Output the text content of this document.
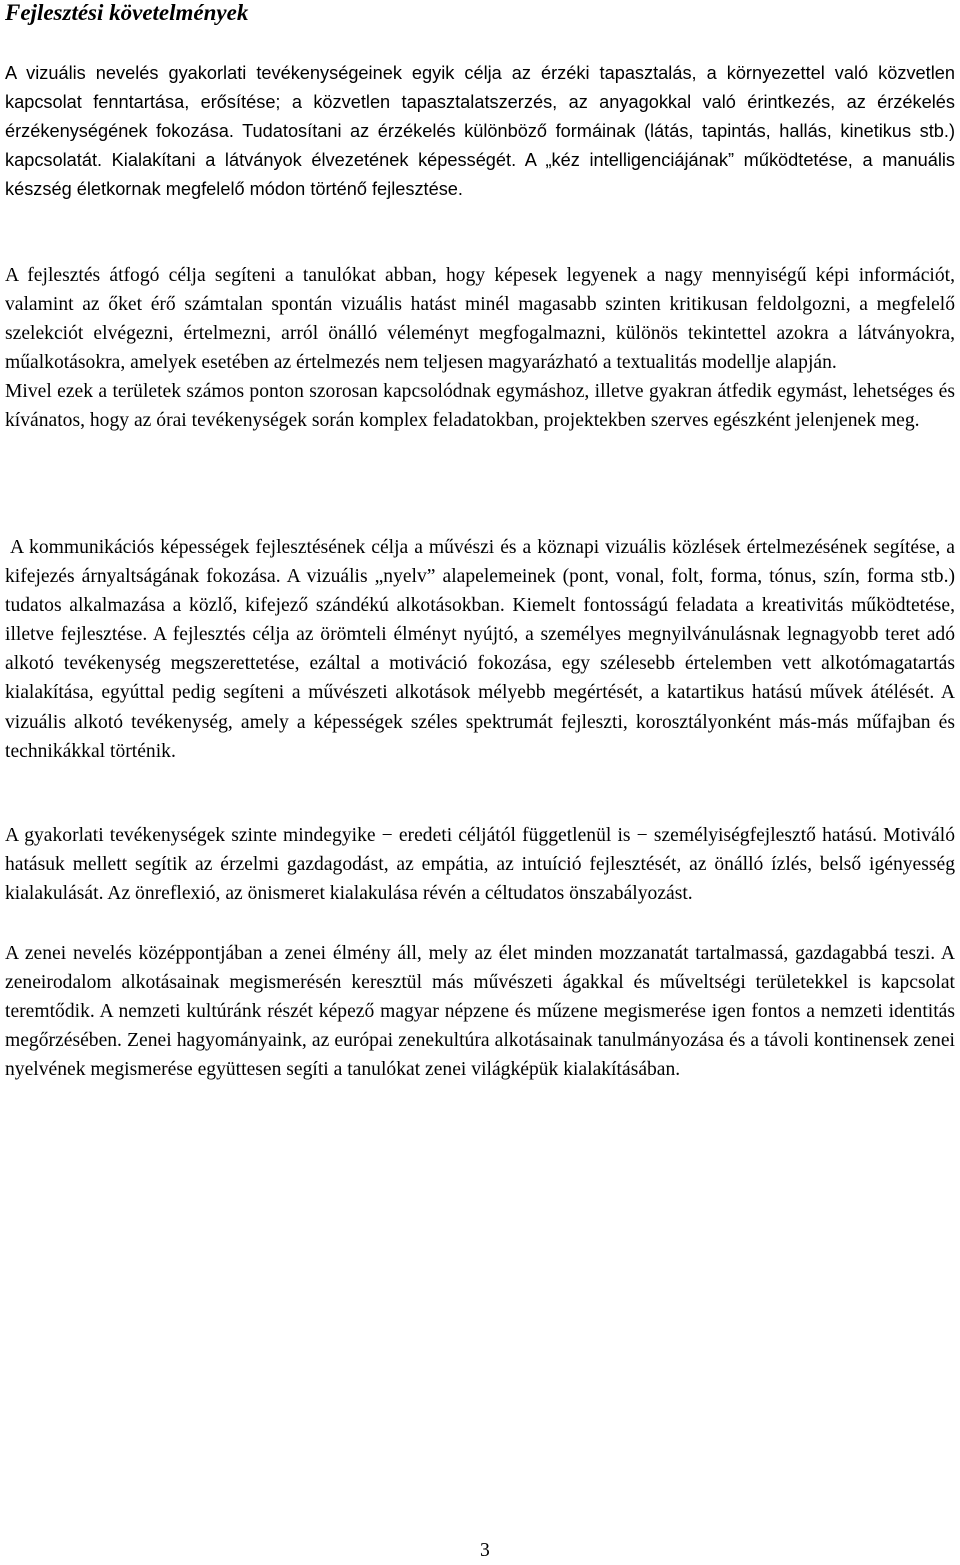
Fejlesztési követelmények

A vizuális nevelés gyakorlati tevékenységeinek egyik célja az érzéki tapasztalás, a környezettel való közvetlen kapcsolat fenntartása, erősítése; a közvetlen tapasztalatszerzés, az anyagokkal való érintkezés, az érzékelés érzékenységének fokozása. Tudatosítani az érzékelés különböző formáinak (látás, tapintás, hallás, kinetikus stb.) kapcsolatát. Kialakítani a látványok élvezetének képességét. A „kéz intelligenciájának” működtetése, a manuális készség életkornak megfelelő módon történő fejlesztése.

A fejlesztés átfogó célja segíteni a tanulókat abban, hogy képesek legyenek a nagy mennyiségű képi információt, valamint az őket érő számtalan spontán vizuális hatást minél magasabb szinten kritikusan feldolgozni, a megfelelő szelekciót elvégezni, értelmezni, arról önálló véleményt megfogalmazni, különös tekintettel azokra a látványokra, műalkotásokra, amelyek esetében az értelmezés nem teljesen magyarázható a textualitás modellje alapján.

Mivel ezek a területek számos ponton szorosan kapcsolódnak egymáshoz, illetve gyakran átfedik egymást, lehetséges és kívánatos, hogy az órai tevékenységek során komplex feladatokban, projektekben szerves egészként jelenjenek meg.

A kommunikációs képességek fejlesztésének célja a művészi és a köznapi vizuális közlések értelmezésének segítése, a kifejezés árnyaltságának fokozása. A vizuális „nyelv” alapelemeinek (pont, vonal, folt, forma, tónus, szín, forma stb.) tudatos alkalmazása a közlő, kifejező szándékú alkotásokban. Kiemelt fontosságú feladata a kreativitás működtetése, illetve fejlesztése. A fejlesztés célja az örömteli élményt nyújtó, a személyes megnyilvánulásnak legnagyobb teret adó alkotó tevékenység megszerettetése, ezáltal a motiváció fokozása, egy szélesebb értelemben vett alkotómagatartás kialakítása, egyúttal pedig segíteni a művészeti alkotások mélyebb megértését, a katartikus hatású művek átélését. A vizuális alkotó tevékenység, amely a képességek széles spektrumát fejleszti, korosztályonként más-más műfajban és technikákkal történik.

A gyakorlati tevékenységek szinte mindegyike − eredeti céljától függetlenül is − személyiségfejlesztő hatású. Motiváló hatásuk mellett segítik az érzelmi gazdagodást, az empátia, az intuíció fejlesztését, az önálló ízlés, belső igényesség kialakulását. Az önreflexió, az önismeret kialakulása révén a céltudatos önszabályozást.

A zenei nevelés középpontjában a zenei élmény áll, mely az élet minden mozzanatát tartalmassá, gazdagabbá teszi. A zeneirodalom alkotásainak megismerésén keresztül más művészeti ágakkal és műveltségi területekkel is kapcsolat teremtődik. A nemzeti kultúránk részét képező magyar népzene és műzene megismerése igen fontos a nemzeti identitás megőrzésében. Zenei hagyományaink, az európai zenekultúra alkotásainak tanulmányozása és a távoli kontinensek zenei nyelvének megismerése együttesen segíti a tanulókat zenei világképük kialakításában.

3
